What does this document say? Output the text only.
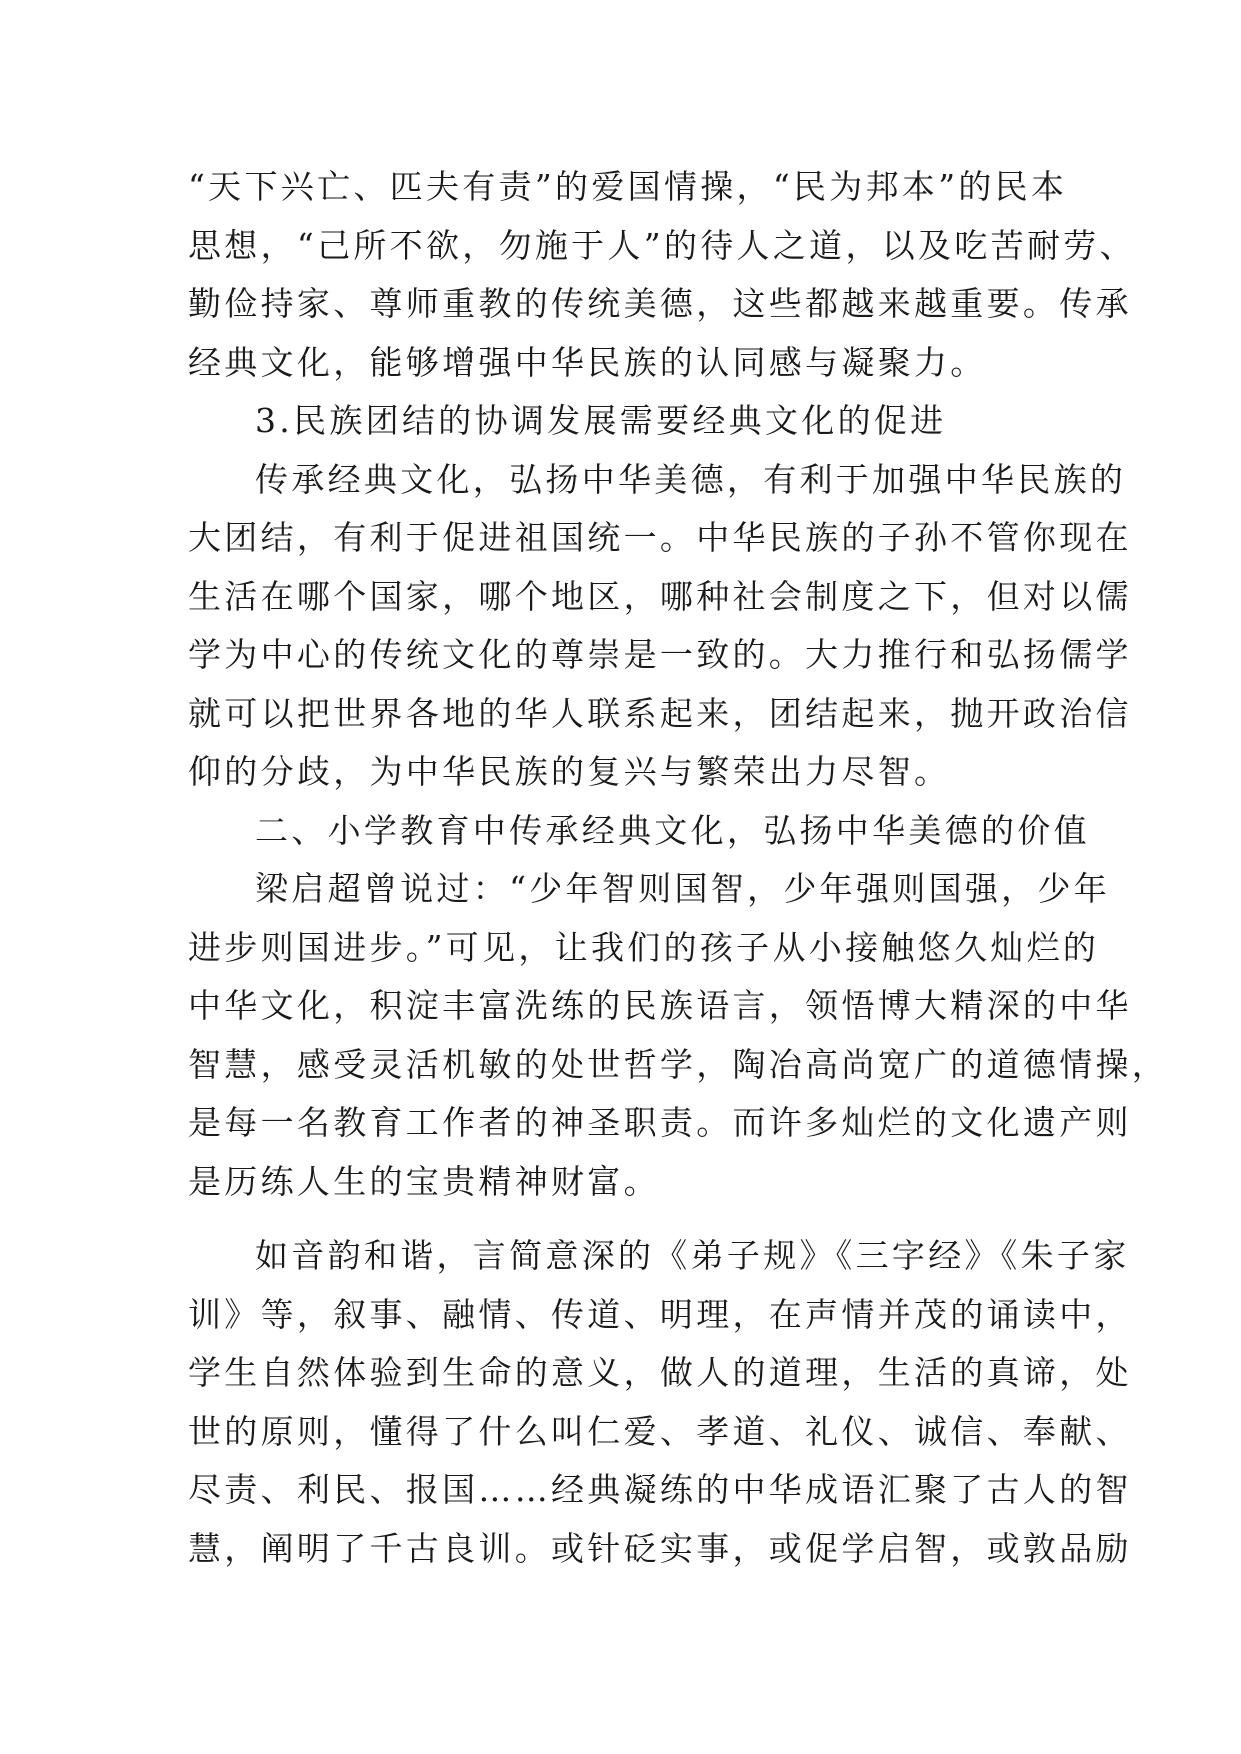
“天下兴亡、匹夫有责”的爱国情操，“民为邦本”的民本
思想，“己所不欲，勿施于人”的待人之道，以及吃苦耐劳、
勤俭持家、尊师重教的传统美德，这些都越来越重要。传承
经典文化，能够增强中华民族的认同感与凝聚力。
3.民族团结的协调发展需要经典文化的促进
传承经典文化，弘扬中华美德，有利于加强中华民族的
大团结，有利于促进祖国统一。中华民族的子孙不管你现在
生活在哪个国家，哪个地区，哪种社会制度之下，但对以儒
学为中心的传统文化的尊崇是一致的。大力推行和弘扬儒学
就可以把世界各地的华人联系起来，团结起来，抛开政治信
仰的分歧，为中华民族的复兴与繁荣出力尽智。
二、小学教育中传承经典文化，弘扬中华美德的价值
梁启超曾说过：“少年智则国智，少年强则国强，少年
进步则国进步。”可见，让我们的孩子从小接触悠久灿烂的
中华文化，积淀丰富洗练的民族语言，领悟博大精深的中华
智慧，感受灵活机敏的处世哲学，陶冶高尚宽广的道德情操，
是每一名教育工作者的神圣职责。而许多灿烂的文化遗产则
是历练人生的宝贵精神财富。
如音韵和谐，言简意深的《弟子规》《三字经》《朱子家
训》等，叙事、融情、传道、明理，在声情并茂的诵读中，
学生自然体验到生命的意义，做人的道理，生活的真谛，处
世的原则，懂得了什么叫仁爱、孝道、礼仪、诚信、奉献、
尽责、利民、报国……经典凝练的中华成语汇聚了古人的智
慧，阐明了千古良训。或针砭实事，或促学启智，或敦品励
